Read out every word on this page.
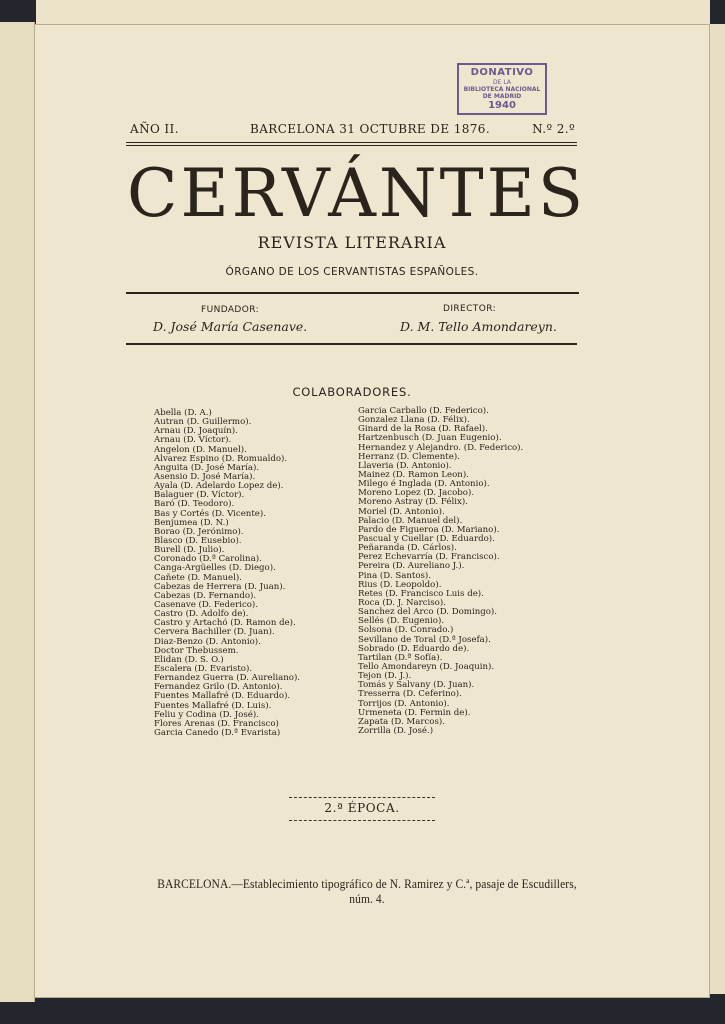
DONATIVO
DE LA
BIBLIOTECA NACIONAL
DE MADRID
1940
AÑO II.	BARCELONA 31 OCTUBRE DE 1876.	N.º 2.º
CERVÁNTES
REVISTA LITERARIA
ÓRGANO DE LOS CERVANTISTAS ESPAÑOLES.
FUNDADOR:	DIRECTOR:
D. José María Casenave.	D. M. Tello Amondareyn.
COLABORADORES.
Abella (D. A.)
Autran (D. Guillermo).
Arnau (D. Joaquín).
Arnau (D. Víctor).
Angelon (D. Manuel).
Alvarez Espino (D. Romualdo).
Anguita (D. José María).
Asensio D. José María).
Ayala (D. Adelardo Lopez de).
Balaguer (D. Víctor).
Baró (D. Teodoro).
Bas y Cortés (D. Vicente).
Benjumea (D. N.)
Borao (D. Jerónimo).
Blasco (D. Eusebio).
Burell (D. Julio).
Coronado (D.ª Carolina).
Canga-Argüelles (D. Diego).
Cañete (D. Manuel).
Cabezas de Herrera (D. Juan).
Cabezas (D. Fernando).
Casenave (D. Federico).
Castro (D. Adolfo de).
Castro y Artachó (D. Ramon de).
Cervera Bachiller (D. Juan).
Diaz-Benzo (D. Antonio).
Doctor Thebussem.
Elidan (D. S. O.)
Escalera (D. Evaristo).
Fernandez Guerra (D. Aureliano).
Fernandez Grilo (D. Antonio).
Fuentes Mallafré (D. Eduardo).
Fuentes Mallafré (D. Luis).
Feliu y Codina (D. José).
Flores Arenas (D. Francisco)
Garcia Canedo (D.ª Evarista)
Garcia Carballo (D. Federico).
Gonzalez Llana (D. Félix).
Ginard de la Rosa (D. Rafael).
Hartzenbusch (D. Juan Eugenio).
Hernandez y Alejandro. (D. Federico).
Herranz (D. Clemente).
Llaveria (D. Antonio).
Mainez (D. Ramon Leon).
Milego é Inglada (D. Antonio).
Moreno Lopez (D. Jacobo).
Moreno Astray (D. Félix).
Moriel (D. Antonio).
Palacio (D. Manuel del).
Pardo de Figueroa (D. Mariano).
Pascual y Cuellar (D. Eduardo).
Peñaranda (D. Cárlos).
Perez Echevarría (D. Francisco).
Pereira (D. Aureliano J.).
Pina (D. Santos).
Rius (D. Leopoldo).
Retes (D. Francisco Luis de).
Roca (D. J. Narciso).
Sanchez del Arco (D. Domingo).
Sellés (D. Eugenio).
Solsona (D. Conrado.)
Sevillano de Toral (D.ª Josefa).
Sobrado (D. Eduardo de).
Tartilan (D.ª Sofía).
Tello Amondareyn (D. Joaquin).
Tejon (D. J.).
Tomás y Salvany (D. Juan).
Tresserra (D. Ceferino).
Torrijos (D. Antonio).
Urmeneta (D. Fermin de).
Zapata (D. Marcos).
Zorrilla (D. José.)
2.ª ÉPOCA.
BARCELONA.—Establecimiento tipográfico de N. Ramirez y C.ª, pasaje de Escudillers, núm. 4.
